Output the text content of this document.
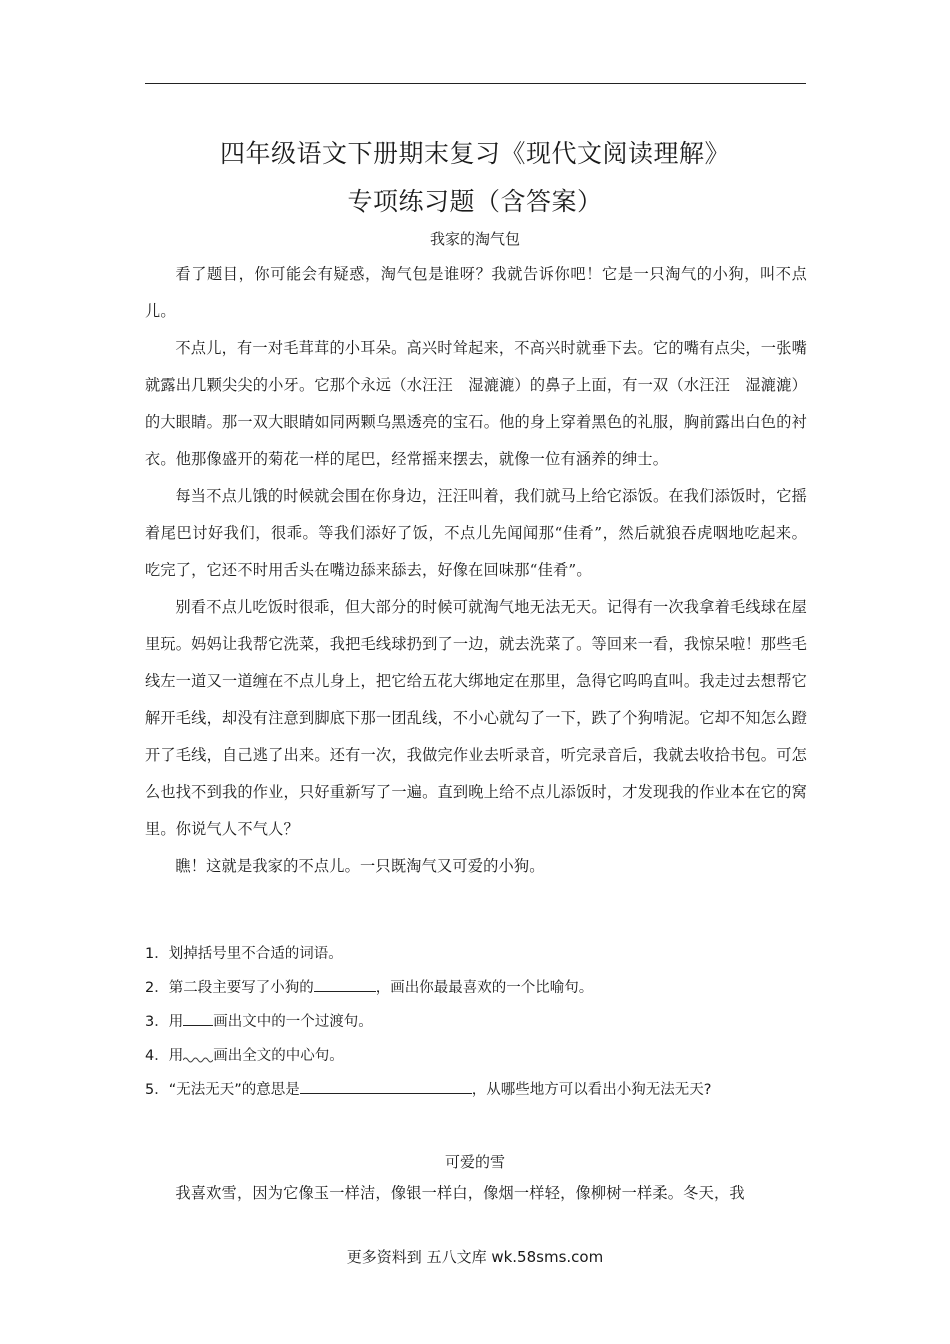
四年级语文下册期末复习《现代文阅读理解》
专项练习题（含答案）
我家的淘气包

看了题目，你可能会有疑惑，淘气包是谁呀？我就告诉你吧！它是一只淘气的小狗，叫不点儿。

不点儿，有一对毛茸茸的小耳朵。高兴时耸起来，不高兴时就垂下去。它的嘴有点尖，一张嘴就露出几颗尖尖的小牙。它那个永远（水汪汪　湿漉漉）的鼻子上面，有一双（水汪汪　湿漉漉）的大眼睛。那一双大眼睛如同两颗乌黑透亮的宝石。他的身上穿着黑色的礼服，胸前露出白色的衬衣。他那像盛开的菊花一样的尾巴，经常摇来摆去，就像一位有涵养的绅士。

每当不点儿饿的时候就会围在你身边，汪汪叫着，我们就马上给它添饭。在我们添饭时，它摇着尾巴讨好我们，很乖。等我们添好了饭，不点儿先闻闻那“佳肴”，然后就狼吞虎咽地吃起来。吃完了，它还不时用舌头在嘴边舔来舔去，好像在回味那“佳肴”。

别看不点儿吃饭时很乖，但大部分的时候可就淘气地无法无天。记得有一次我拿着毛线球在屋里玩。妈妈让我帮它洗菜，我把毛线球扔到了一边，就去洗菜了。等回来一看，我惊呆啦！那些毛线左一道又一道缠在不点儿身上，把它给五花大绑地定在那里，急得它呜呜直叫。我走过去想帮它解开毛线，却没有注意到脚底下那一团乱线，不小心就勾了一下，跌了个狗啃泥。它却不知怎么蹬开了毛线，自己逃了出来。还有一次，我做完作业去听录音，听完录音后，我就去收拾书包。可怎么也找不到我的作业，只好重新写了一遍。直到晚上给不点儿添饭时，才发现我的作业本在它的窝里。你说气人不气人？

瞧！这就是我家的不点儿。一只既淘气又可爱的小狗。

1．划掉括号里不合适的词语。

2．第二段主要写了小狗的	，画出你最最喜欢的一个比喻句。

3．用 画出文中的一个过渡句。

4．用 画出全文的中心句。

5．“无法无天”的意思是	，从哪些地方可以看出小狗无法无天?

可爱的雪

我喜欢雪，因为它像玉一样洁，像银一样白，像烟一样轻，像柳树一样柔。冬天，我

更多资料到 五八文库 wk.58sms.com
